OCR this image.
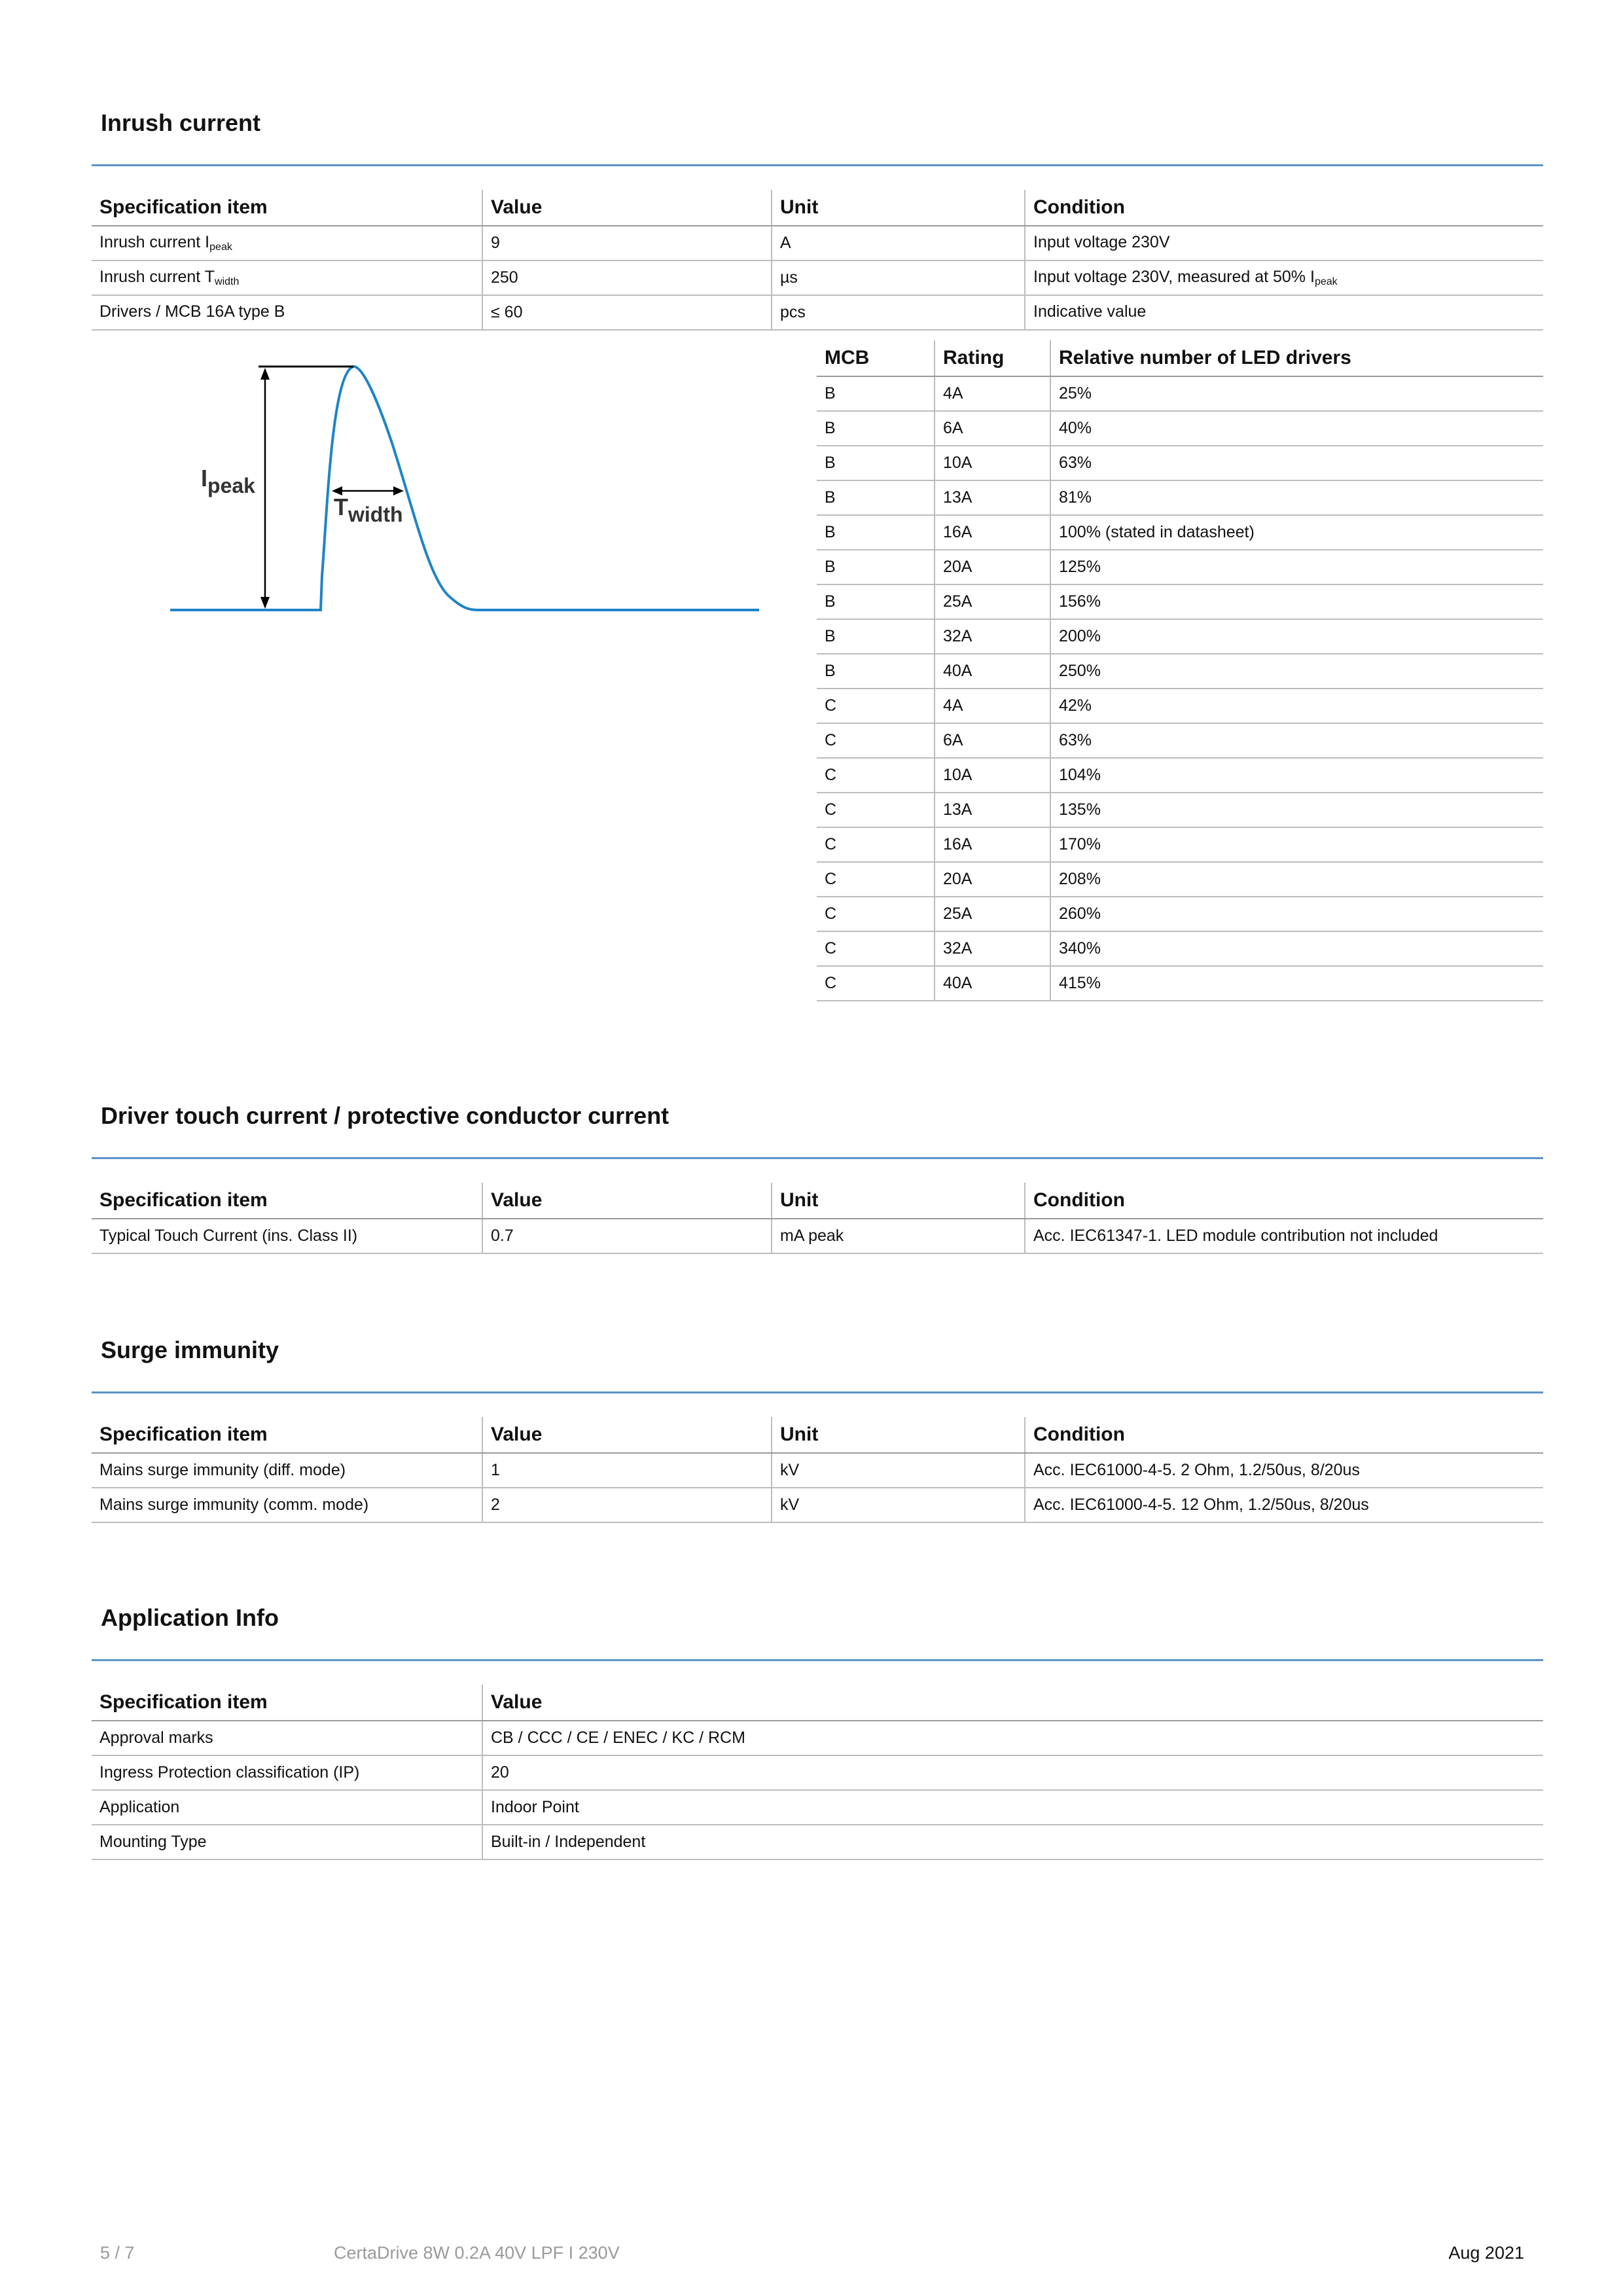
Inrush current
Specification item	Value	Unit	Condition
Inrush current $I_{peak}$	9	A	Input voltage 230V
Inrush current $T_{width}$	250	µs	Input voltage 230V, measured at 50% $I_{peak}$
Drivers / MCB 16A type B	≤ 60	pcs	Indicative value
Ipeak
Twidth
MCB	Rating	Relative number of LED drivers
B	4A	25%
B	6A	40%
B	10A	63%
B	13A	81%
B	16A	100% (stated in datasheet)
B	20A	125%
B	25A	156%
B	32A	200%
B	40A	250%
C	4A	42%
C	6A	63%
C	10A	104%
C	13A	135%
C	16A	170%
C	20A	208%
C	25A	260%
C	32A	340%
C	40A	415%
Driver touch current / protective conductor current
Specification item	Value	Unit	Condition
Typical Touch Current (ins. Class II)	0.7	mA peak	Acc. IEC61347-1. LED module contribution not included
Surge immunity
Specification item	Value	Unit	Condition
Mains surge immunity (diff. mode)	1	kV	Acc. IEC61000-4-5. 2 Ohm, 1.2/50us, 8/20us
Mains surge immunity (comm. mode)	2	kV	Acc. IEC61000-4-5. 12 Ohm, 1.2/50us, 8/20us
Application Info
Specification item	Value
Approval marks	CB / CCC / CE / ENEC / KC / RCM
Ingress Protection classification (IP)	20
Application	Indoor Point
Mounting Type	Built-in / Independent
5 / 7	CertaDrive 8W 0.2A 40V LPF I 230V	Aug 2021
